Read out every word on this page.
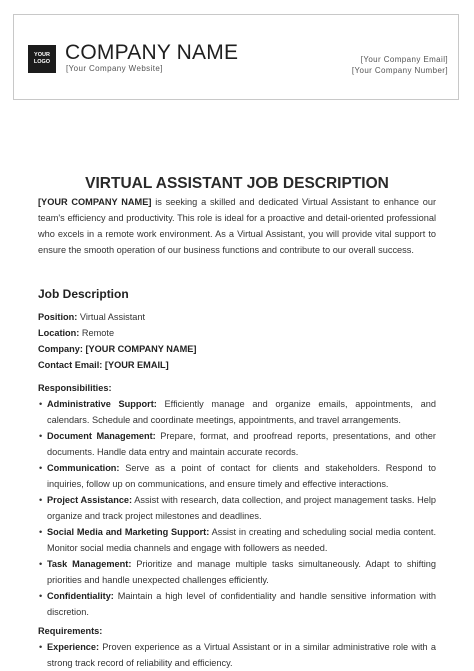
YOUR
LOGO COMPANY NAME
[Your Company Website]
[Your Company Email]
[Your Company Number]
VIRTUAL ASSISTANT JOB DESCRIPTION
[YOUR COMPANY NAME] is seeking a skilled and dedicated Virtual Assistant to enhance our team's efficiency and productivity. This role is ideal for a proactive and detail-oriented professional who excels in a remote work environment. As a Virtual Assistant, you will provide vital support to ensure the smooth operation of our business functions and contribute to our overall success.
Job Description
Position: Virtual Assistant
Location: Remote
Company: [YOUR COMPANY NAME]
Contact Email: [YOUR EMAIL]
Responsibilities:
• Administrative Support: Efficiently manage and organize emails, appointments, and calendars. Schedule and coordinate meetings, appointments, and travel arrangements.
• Document Management: Prepare, format, and proofread reports, presentations, and other documents. Handle data entry and maintain accurate records.
• Communication: Serve as a point of contact for clients and stakeholders. Respond to inquiries, follow up on communications, and ensure timely and effective interactions.
• Project Assistance: Assist with research, data collection, and project management tasks. Help organize and track project milestones and deadlines.
• Social Media and Marketing Support: Assist in creating and scheduling social media content. Monitor social media channels and engage with followers as needed.
• Task Management: Prioritize and manage multiple tasks simultaneously. Adapt to shifting priorities and handle unexpected challenges efficiently.
• Confidentiality: Maintain a high level of confidentiality and handle sensitive information with discretion.
Requirements:
• Experience: Proven experience as a Virtual Assistant or in a similar administrative role with a strong track record of reliability and efficiency.
